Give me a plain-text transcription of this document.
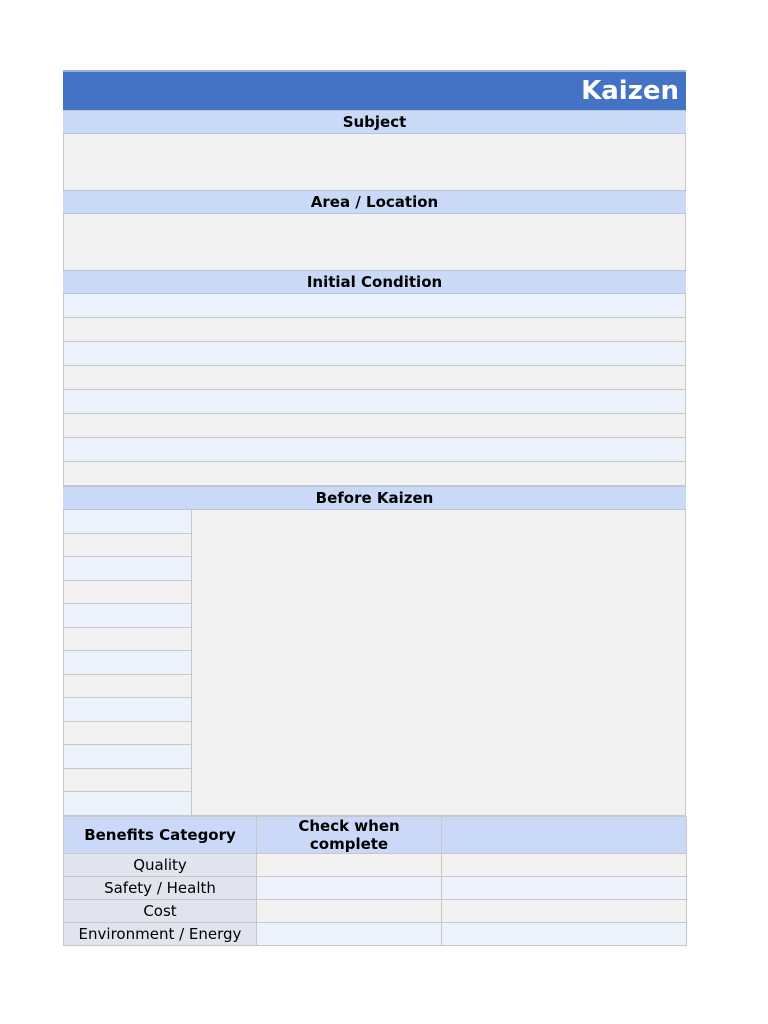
Kaizen
Subject
Area / Location
Initial Condition
Before Kaizen
Benefits Category	Check when complete	
Quality		
Safety / Health		
Cost		
Environment / Energy		
